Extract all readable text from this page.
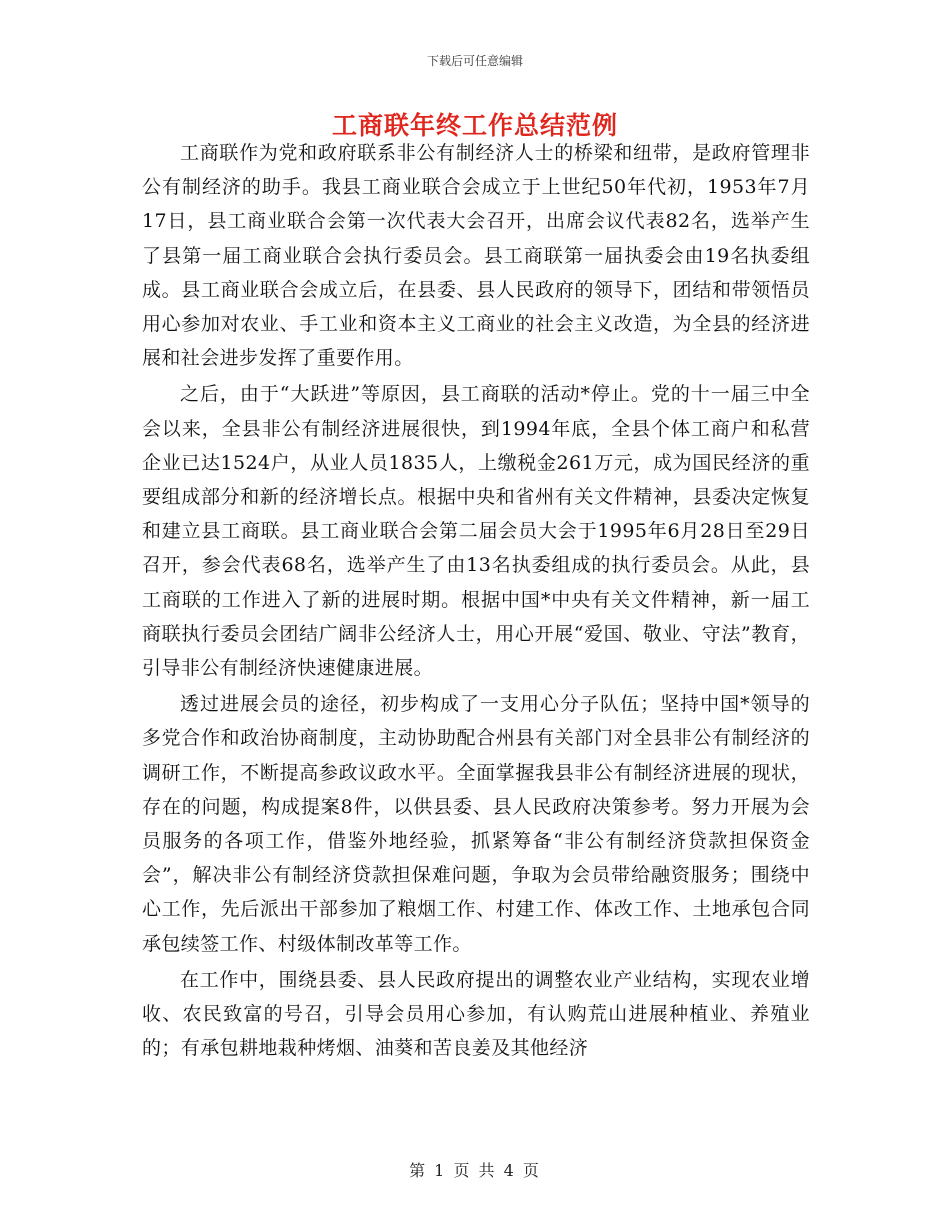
下载后可任意编辑
工商联年终工作总结范例

工商联作为党和政府联系非公有制经济人士的桥梁和纽带，是政府管理非公有制经济的助手。我县工商业联合会成立于上世纪50年代初，1953年7月17日，县工商业联合会第一次代表大会召开，出席会议代表82名，选举产生了县第一届工商业联合会执行委员会。县工商联第一届执委会由19名执委组成。县工商业联合会成立后，在县委、县人民政府的领导下，团结和带领悟员用心参加对农业、手工业和资本主义工商业的社会主义改造，为全县的经济进展和社会进步发挥了重要作用。

之后，由于“大跃进”等原因，县工商联的活动*停止。党的十一届三中全会以来，全县非公有制经济进展很快，到1994年底，全县个体工商户和私营企业已达1524户，从业人员1835人，上缴税金261万元，成为国民经济的重要组成部分和新的经济增长点。根据中央和省州有关文件精神，县委决定恢复和建立县工商联。县工商业联合会第二届会员大会于1995年6月28日至29日召开，参会代表68名，选举产生了由13名执委组成的执行委员会。从此，县工商联的工作进入了新的进展时期。根据中国*中央有关文件精神，新一届工商联执行委员会团结广阔非公经济人士，用心开展“爱国、敬业、守法”教育，引导非公有制经济快速健康进展。

透过进展会员的途径，初步构成了一支用心分子队伍；坚持中国*领导的多党合作和政治协商制度，主动协助配合州县有关部门对全县非公有制经济的调研工作，不断提高参政议政水平。全面掌握我县非公有制经济进展的现状，存在的问题，构成提案8件，以供县委、县人民政府决策参考。努力开展为会员服务的各项工作，借鉴外地经验，抓紧筹备“非公有制经济贷款担保资金会”，解决非公有制经济贷款担保难问题，争取为会员带给融资服务；围绕中心工作，先后派出干部参加了粮烟工作、村建工作、体改工作、土地承包合同承包续签工作、村级体制改革等工作。

在工作中，围绕县委、县人民政府提出的调整农业产业结构，实现农业增收、农民致富的号召，引导会员用心参加，有认购荒山进展种植业、养殖业的；有承包耕地栽种烤烟、油葵和苦良姜及其他经济

第 1 页 共 4 页
